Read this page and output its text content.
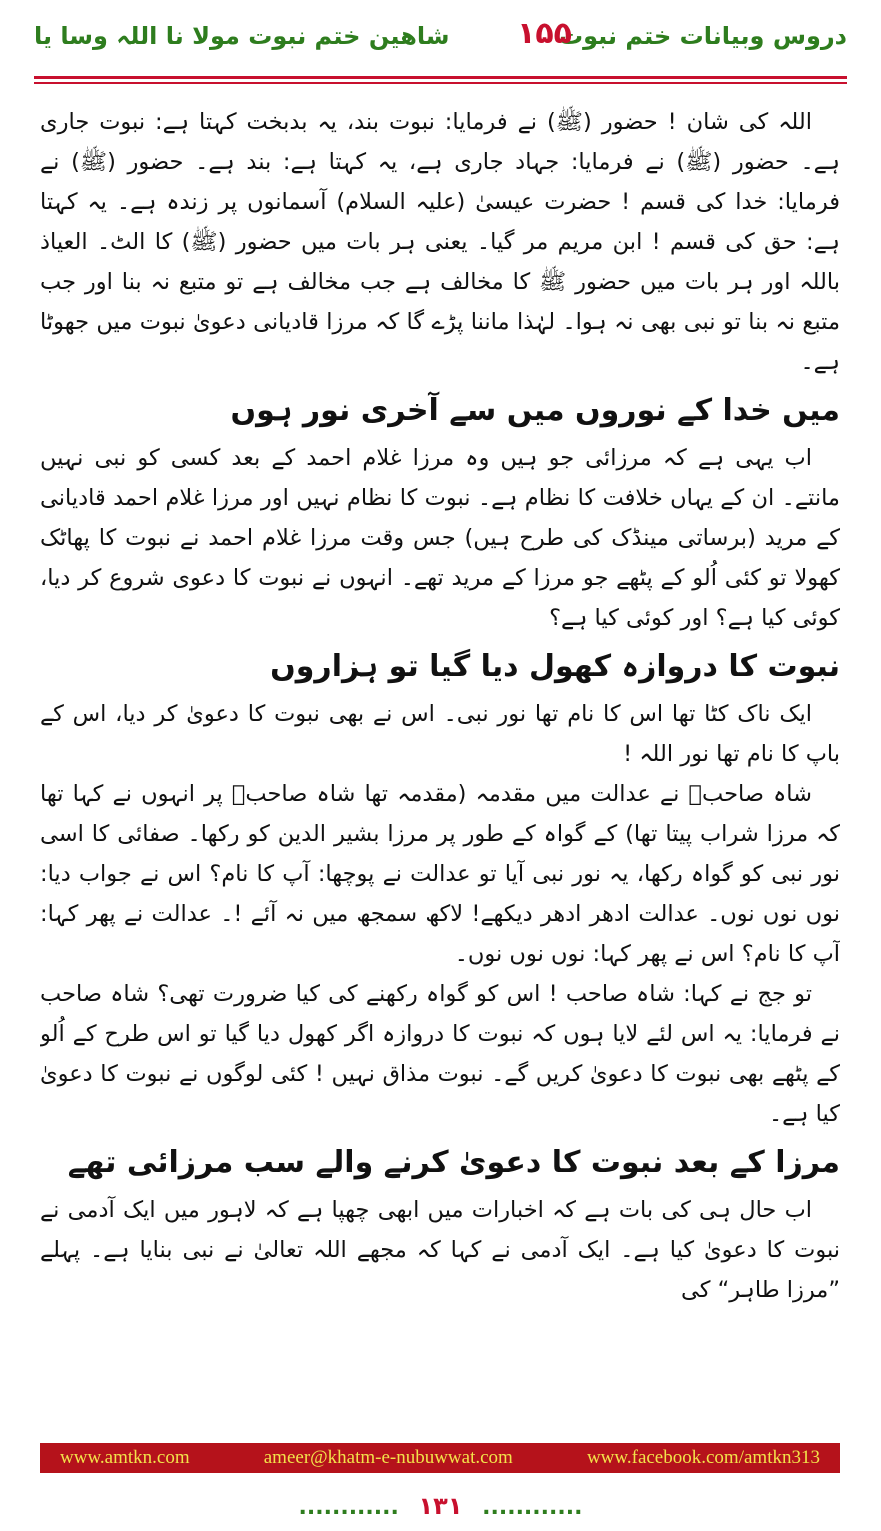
دروس وبیانات ختم نبوت
۱۵۵
شاھین ختم نبوت مولا نا اللہ وسا یا

اللہ کی شان ! حضور (ﷺ) نے فرمایا: نبوت بند، یہ بدبخت کہتا ہے: نبوت جاری ہے۔ حضور (ﷺ) نے فرمایا: جہاد جاری ہے، یہ کہتا ہے: بند ہے۔ حضور (ﷺ) نے فرمایا: خدا کی قسم ! حضرت عیسیٰ (علیہ السلام) آسمانوں پر زندہ ہے۔ یہ کہتا ہے: حق کی قسم ! ابن مریم مر گیا۔ یعنی ہر بات میں حضور (ﷺ) کا الٹ۔ العیاذ باللہ اور ہر بات میں حضور ﷺ کا مخالف ہے جب مخالف ہے تو متبع نہ بنا اور جب متبع نہ بنا تو نبی بھی نہ ہوا۔ لہٰذا ماننا پڑے گا کہ مرزا قادیانی دعویٰ نبوت میں جھوٹا ہے۔

میں خدا کے نوروں میں سے آخری نور ہوں

اب یہی ہے کہ مرزائی جو ہیں وہ مرزا غلام احمد کے بعد کسی کو نبی نہیں مانتے۔ ان کے یہاں خلافت کا نظام ہے۔ نبوت کا نظام نہیں اور مرزا غلام احمد قادیانی کے مرید (برساتی مینڈک کی طرح ہیں) جس وقت مرزا غلام احمد نے نبوت کا پھاٹک کھولا تو کئی اُلو کے پٹھے جو مرزا کے مرید تھے۔ انہوں نے نبوت کا دعوی شروع کر دیا، کوئی کیا ہے؟ اور کوئی کیا ہے؟

نبوت کا دروازہ کھول دیا گیا تو ہزاروں

ایک ناک کٹا تھا اس کا نام تھا نور نبی۔ اس نے بھی نبوت کا دعویٰ کر دیا، اس کے باپ کا نام تھا نور اللہ !

شاہ صاحبؒ نے عدالت میں مقدمہ (مقدمہ تھا شاہ صاحبؒ پر انہوں نے کہا تھا کہ مرزا شراب پیتا تھا) کے گواہ کے طور پر مرزا بشیر الدین کو رکھا۔ صفائی کا اسی نور نبی کو گواہ رکھا، یہ نور نبی آیا تو عدالت نے پوچھا: آپ کا نام؟ اس نے جواب دیا: نوں نوں نوں۔ عدالت ادھر ادھر دیکھے! لاکھ سمجھ میں نہ آئے !۔ عدالت نے پھر کہا: آپ کا نام؟ اس نے پھر کہا: نوں نوں نوں۔

تو جج نے کہا: شاہ صاحب ! اس کو گواہ رکھنے کی کیا ضرورت تھی؟ شاہ صاحب نے فرمایا: یہ اس لئے لایا ہوں کہ نبوت کا دروازہ اگر کھول دیا گیا تو اس طرح کے اُلو کے پٹھے بھی نبوت کا دعویٰ کریں گے۔ نبوت مذاق نہیں ! کئی لوگوں نے نبوت کا دعویٰ کیا ہے۔

مرزا کے بعد نبوت کا دعویٰ کرنے والے سب مرزائی تھے

اب حال ہی کی بات ہے کہ اخبارات میں ابھی چھپا ہے کہ لاہور میں ایک آدمی نے نبوت کا دعویٰ کیا ہے۔ ایک آدمی نے کہا کہ مجھے اللہ تعالیٰ نے نبی بنایا ہے۔ پہلے ”مرزا طاہر“ کی

www.amtkn.com	ameer@khatm-e-nubuwwat.com	www.facebook.com/amtkn313
............ ۱۳۱ ............
